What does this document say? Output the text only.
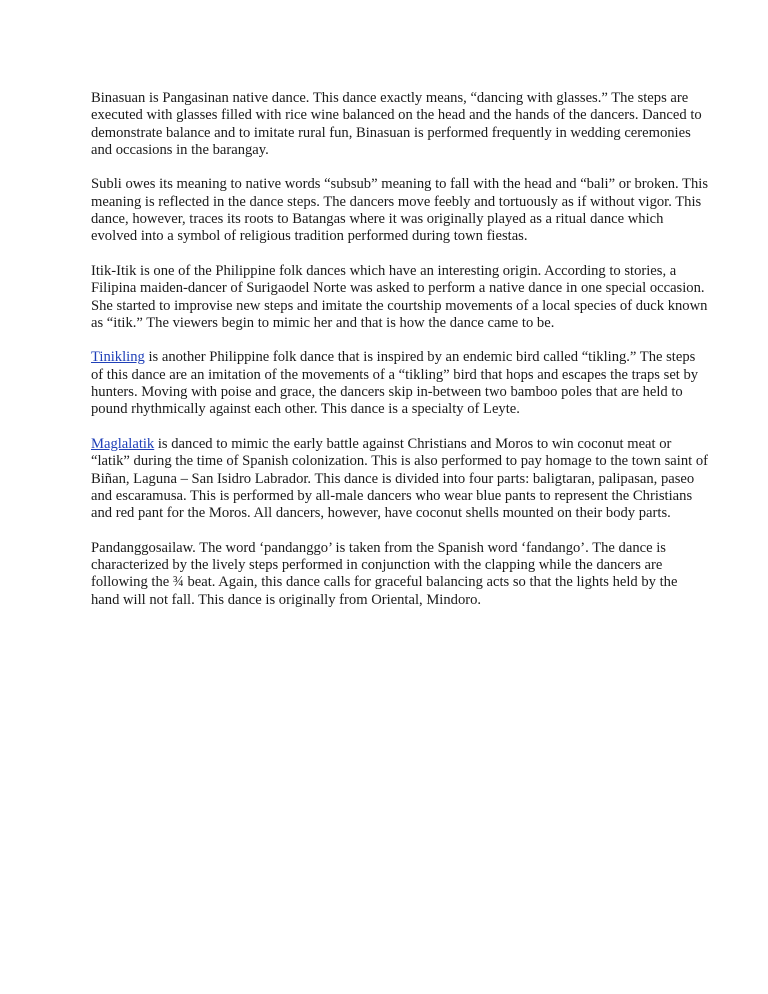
Binasuan is Pangasinan native dance. This dance exactly means, “dancing with glasses.” The steps are executed with glasses filled with rice wine balanced on the head and the hands of the dancers. Danced to demonstrate balance and to imitate rural fun, Binasuan is performed frequently in wedding ceremonies and occasions in the barangay.

Subli owes its meaning to native words “subsub” meaning to fall with the head and “bali” or broken. This meaning is reflected in the dance steps. The dancers move feebly and tortuously as if without vigor. This dance, however, traces its roots to Batangas where it was originally played as a ritual dance which evolved into a symbol of religious tradition performed during town fiestas.

Itik-Itik is one of the Philippine folk dances which have an interesting origin. According to stories, a Filipina maiden-dancer of Surigaodel Norte was asked to perform a native dance in one special occasion. She started to improvise new steps and imitate the courtship movements of a local species of duck known as “itik.” The viewers begin to mimic her and that is how the dance came to be.

Tinikling is another Philippine folk dance that is inspired by an endemic bird called “tikling.” The steps of this dance are an imitation of the movements of a “tikling” bird that hops and escapes the traps set by hunters. Moving with poise and grace, the dancers skip in-between two bamboo poles that are held to pound rhythmically against each other. This dance is a specialty of Leyte.

Maglalatik is danced to mimic the early battle against Christians and Moros to win coconut meat or “latik” during the time of Spanish colonization. This is also performed to pay homage to the town saint of Biñan, Laguna – San Isidro Labrador. This dance is divided into four parts: baligtaran, palipasan, paseo and escaramusa. This is performed by all-male dancers who wear blue pants to represent the Christians and red pant for the Moros. All dancers, however, have coconut shells mounted on their body parts.

Pandanggosailaw. The word ‘pandanggo’ is taken from the Spanish word ‘fandango’. The dance is characterized by the lively steps performed in conjunction with the clapping while the dancers are following the ¾ beat. Again, this dance calls for graceful balancing acts so that the lights held by the hand will not fall. This dance is originally from Oriental, Mindoro.
